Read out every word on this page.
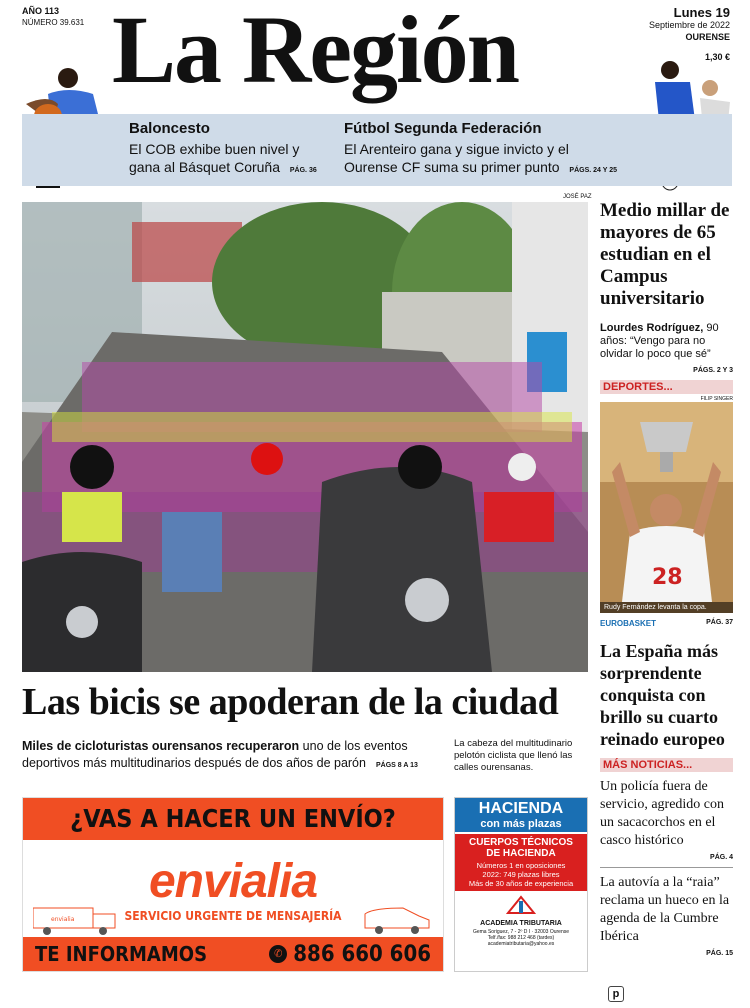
AÑO 113
NÚMERO 39.631 La Región	Lunes 19
Septiembre de 2022
OURENSE
1,30 €
Baloncesto
El COB exhibe buen nivel y
gana al Básquet Coruña PÁG. 36
Fútbol Segunda Federación
El Arenteiro gana y sigue invicto y el
Ourense CF suma su primer punto PÁGS. 24 Y 25
JOSÉ PAZ
Las bicis se apoderan de la ciudad
Miles de cicloturistas ourensanos recuperaron uno de los eventos
deportivos más multitudinarios después de dos años de parón PÁGS 8 A 13
La cabeza del multitudinario pelotón ciclista que llenó las calles ourensanas.
Medio millar de mayores de 65 estudian en el Campus universitario
Lourdes Rodríguez, 90 años: “Vengo para no olvidar lo poco que sé”
PÁGS. 2 Y 3
DEPORTES...
FILIP SINGER
28
Rudy Fernández levanta la copa.
EUROBASKET	PÁG. 37
La España más sorprendente conquista con brillo su cuarto reinado europeo
MÁS NOTICIAS...
Un policía fuera de servicio, agredido con un sacacorchos en el casco histórico
PÁG. 4
La autovía a la “raia” reclama un hueco en la agenda de la Cumbre Ibérica
PÁG. 15
¿VAS A HACER UN ENVÍO?
envialia
SERVICIO URGENTE DE MENSAJERÍA
envialia
TE INFORMAMOS	✆ 886 660 606
HACIENDA
con más plazas
CUERPOS TÉCNICOS
DE HACIENDA
Números 1 en oposiciones
2022: 749 plazas libres
Más de 30 años de experiencia
ACADEMIA TRIBUTARIA
Gema Soriguez, 7 - 2º D I · 32003 Ourense
Telf./fax: 988 212 468 (tardes)
academiatributaria@yahoo.es
p
